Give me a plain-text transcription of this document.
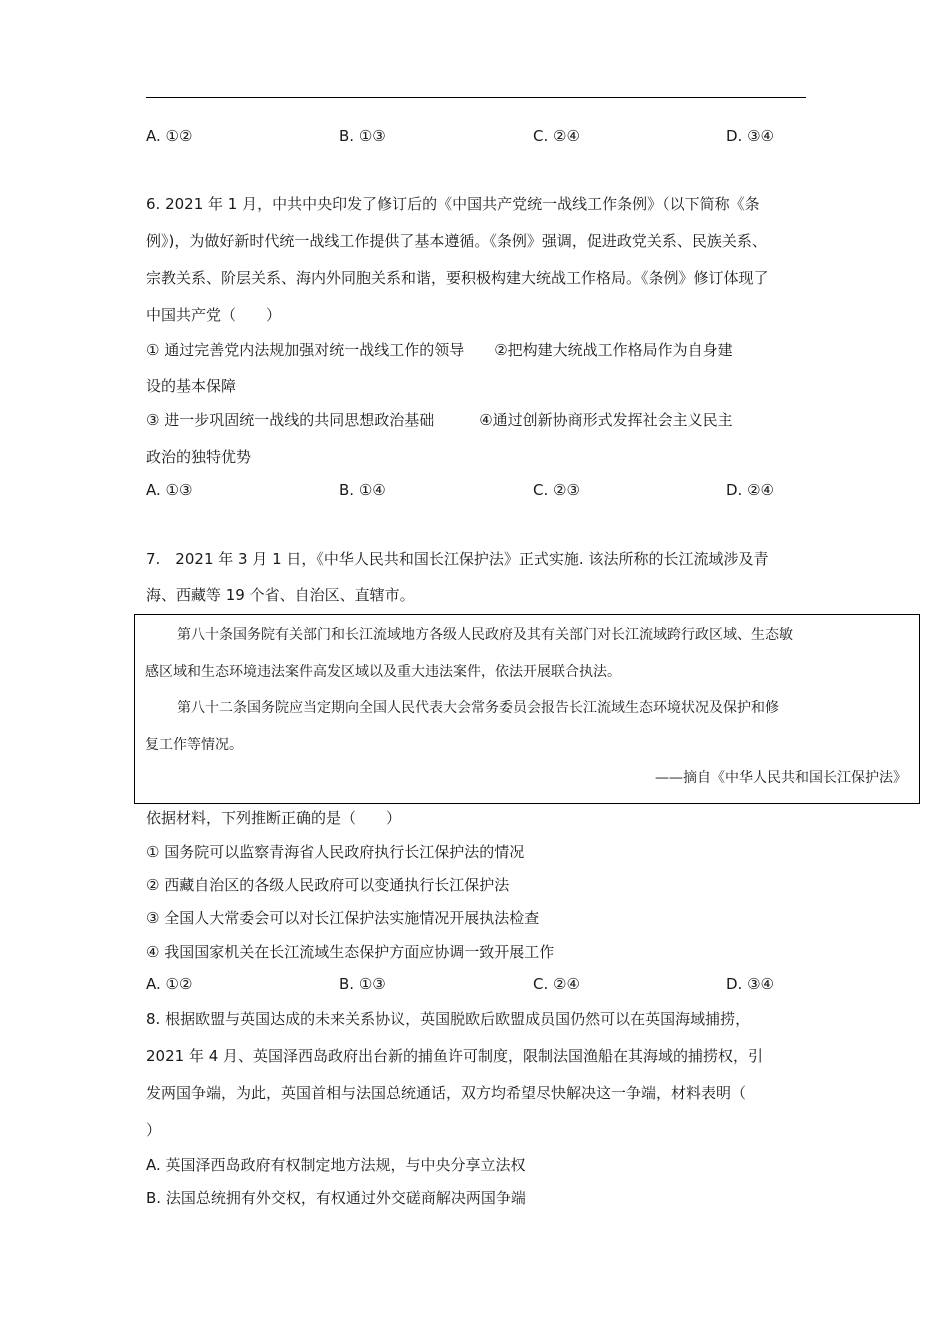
A. ①②	B. ①③	C. ②④	D. ③④
6. 2021 年 1 月，中共中央印发了修订后的《中国共产党统一战线工作条例》（以下简称《条
例》)，为做好新时代统一战线工作提供了基本遵循。《条例》强调，促进政党关系、民族关系、
宗教关系、阶层关系、海内外同胞关系和谐，要积极构建大统战工作格局。《条例》修订体现了
中国共产党（　　）
① 通过完善党内法规加强对统一战线工作的领导　　②把构建大统战工作格局作为自身建
设的基本保障
③ 进一步巩固统一战线的共同思想政治基础　　　④通过创新协商形式发挥社会主义民主
政治的独特优势
A. ①③	B. ①④	C. ②③	D. ②④
7.　2021 年 3 月 1 日，《中华人民共和国长江保护法》正式实施. 该法所称的长江流域涉及青
海、西藏等 19 个省、自治区、直辖市。
第八十条国务院有关部门和长江流域地方各级人民政府及其有关部门对长江流域跨行政区域、生态敏
感区域和生态环境违法案件高发区域以及重大违法案件，依法开展联合执法。
第八十二条国务院应当定期向全国人民代表大会常务委员会报告长江流域生态环境状况及保护和修
复工作等情况。
——摘自《中华人民共和国长江保护法》
依据材料，下列推断正确的是（　　）
① 国务院可以监察青海省人民政府执行长江保护法的情况
② 西藏自治区的各级人民政府可以变通执行长江保护法
③ 全国人大常委会可以对长江保护法实施情况开展执法检查
④ 我国国家机关在长江流域生态保护方面应协调一致开展工作
A. ①②	B. ①③	C. ②④	D. ③④
8. 根据欧盟与英国达成的未来关系协议，英国脱欧后欧盟成员国仍然可以在英国海域捕捞，
2021 年 4 月、英国泽西岛政府出台新的捕鱼许可制度，限制法国渔船在其海域的捕捞权，引
发两国争端，为此，英国首相与法国总统通话，双方均希望尽快解决这一争端，材料表明（
）
A. 英国泽西岛政府有权制定地方法规，与中央分享立法权
B. 法国总统拥有外交权，有权通过外交磋商解决两国争端
